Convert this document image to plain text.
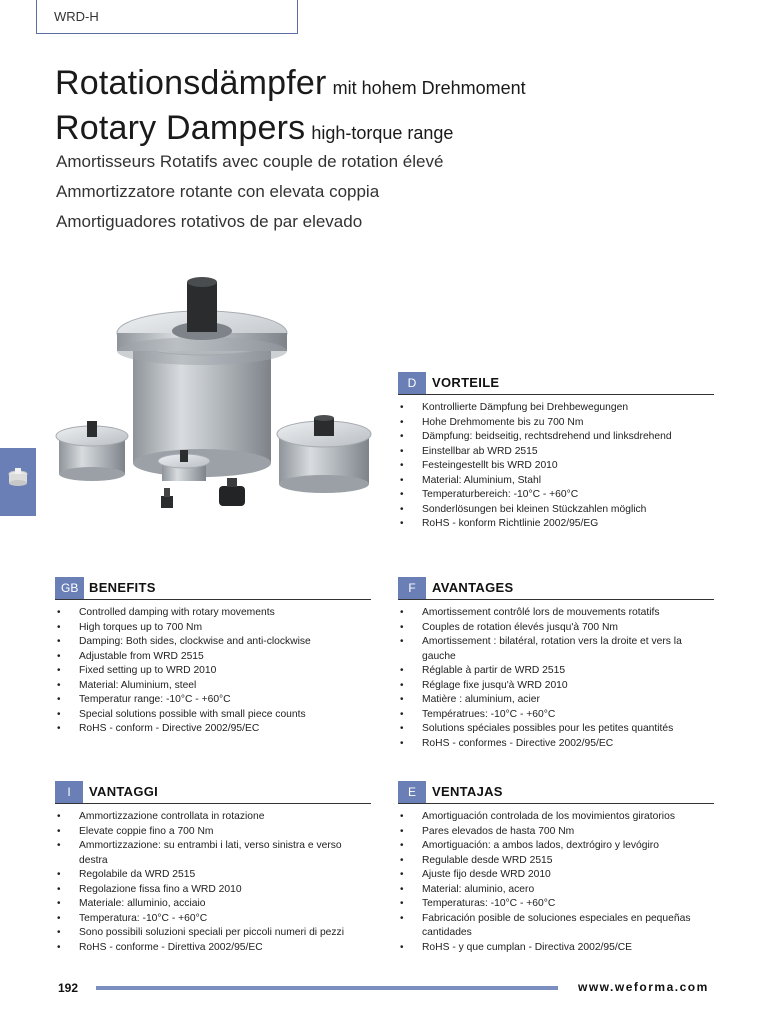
WRD-H
Rotationsdämpfer mit hohem Drehmoment
Rotary Dampers high-torque range
Amortisseurs Rotatifs avec couple de rotation élevé
Ammortizzatore rotante con elevata coppia
Amortiguadores rotativos de par elevado
D	VORTEILE
• Kontrollierte Dämpfung bei Drehbewegungen
• Hohe Drehmomente bis zu 700 Nm
• Dämpfung: beidseitig, rechtsdrehend und linksdrehend
• Einstellbar ab WRD 2515
• Festeingestellt bis WRD 2010
• Material: Aluminium, Stahl
• Temperaturbereich: -10°C - +60°C
• Sonderlösungen bei kleinen Stückzahlen möglich
• RoHS - konform Richtlinie 2002/95/EG
GB BENEFITS
• Controlled damping with rotary movements
• High torques up to 700 Nm
• Damping: Both sides, clockwise and anti-clockwise
• Adjustable from WRD 2515
• Fixed setting up to WRD 2010
• Material: Aluminium, steel
• Temperatur range: -10°C - +60°C
• Special solutions possible with small piece counts
• RoHS - conform - Directive 2002/95/EC
F	AVANTAGES
• Amortissement contrôlé lors de mouvements rotatifs
• Couples de rotation élevés jusqu'à 700 Nm
• Amortissement : bilatéral, rotation vers la droite et vers la gauche
• Réglable à partir de WRD 2515
• Réglage fixe jusqu'à WRD 2010
• Matière : aluminium, acier
• Températrues: -10°C - +60°C
• Solutions spéciales possibles pour les petites quantités
• RoHS - conformes - Directive 2002/95/EC
I	VANTAGGI
• Ammortizzazione controllata in rotazione
• Elevate coppie fino a 700 Nm
• Ammortizzazione: su entrambi i lati, verso sinistra e verso destra
• Regolabile da WRD 2515
• Regolazione fissa fino a WRD 2010
• Materiale: alluminio, acciaio
• Temperatura: -10°C - +60°C
• Sono possibili soluzioni speciali per piccoli numeri di pezzi
• RoHS - conforme - Direttiva 2002/95/EC
E	VENTAJAS
• Amortiguación controlada de los movimientos giratorios
• Pares elevados de hasta 700 Nm
• Amortiguación: a ambos lados, dextrógiro y levógiro
• Regulable desde WRD 2515
• Ajuste fijo desde WRD 2010
• Material: aluminio, acero
• Temperaturas: -10°C - +60°C
• Fabricación posible de soluciones especiales en pequeñas cantidades
• RoHS - y que cumplan - Directiva 2002/95/CE
192	www.weforma.com
